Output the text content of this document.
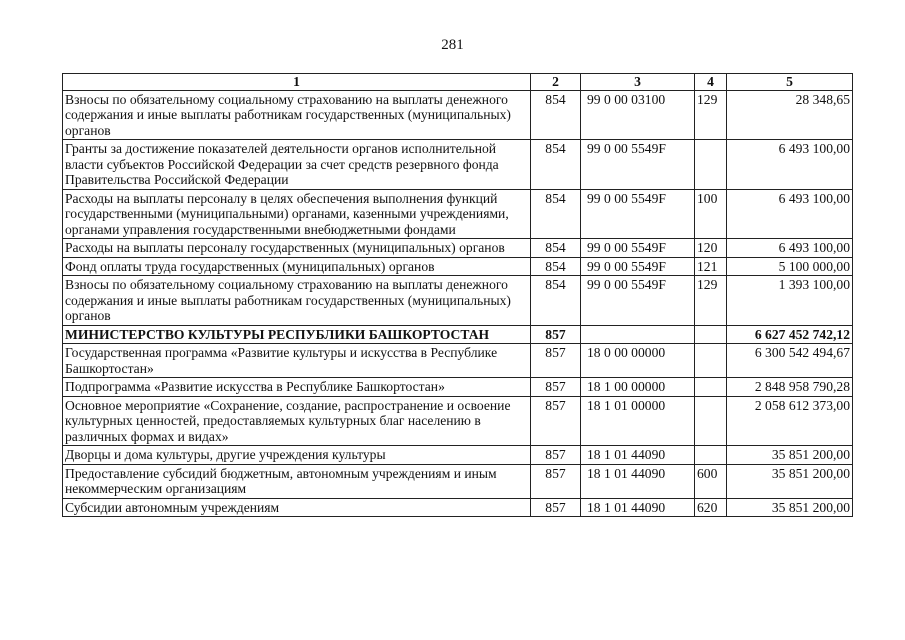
281
1	2	3	4	5
Взносы по обязательному социальному страхованию на выплаты денежного содержания и иные выплаты работникам государственных (муниципальных) органов	854	99 0 00 03100	129	28 348,65
Гранты за достижение показателей деятельности органов исполнительной власти субъектов Российской Федерации за счет средств резервного фонда Правительства Российской Федерации	854	99 0 00 5549F		6 493 100,00
Расходы на выплаты персоналу в целях обеспечения выполнения функций государственными (муниципальными) органами, казенными учреждениями, органами управления государственными внебюджетными фондами	854	99 0 00 5549F	100	6 493 100,00
Расходы на выплаты персоналу государственных (муниципальных) органов	854	99 0 00 5549F	120	6 493 100,00
Фонд оплаты труда государственных (муниципальных) органов	854	99 0 00 5549F	121	5 100 000,00
Взносы по обязательному социальному страхованию на выплаты денежного содержания и иные выплаты работникам государственных (муниципальных) органов	854	99 0 00 5549F	129	1 393 100,00
МИНИСТЕРСТВО КУЛЬТУРЫ РЕСПУБЛИКИ БАШКОРТОСТАН	857			6 627 452 742,12
Государственная программа «Развитие культуры и искусства в Республике Башкортостан»	857	18 0 00 00000		6 300 542 494,67
Подпрограмма «Развитие искусства в Республике Башкортостан»	857	18 1 00 00000		2 848 958 790,28
Основное мероприятие «Сохранение, создание, распространение и освоение культурных ценностей, предоставляемых культурных благ населению в различных формах и видах»	857	18 1 01 00000		2 058 612 373,00
Дворцы и дома культуры, другие учреждения культуры	857	18 1 01 44090		35 851 200,00
Предоставление субсидий бюджетным, автономным учреждениям и иным некоммерческим организациям	857	18 1 01 44090	600	35 851 200,00
Субсидии автономным учреждениям	857	18 1 01 44090	620	35 851 200,00
